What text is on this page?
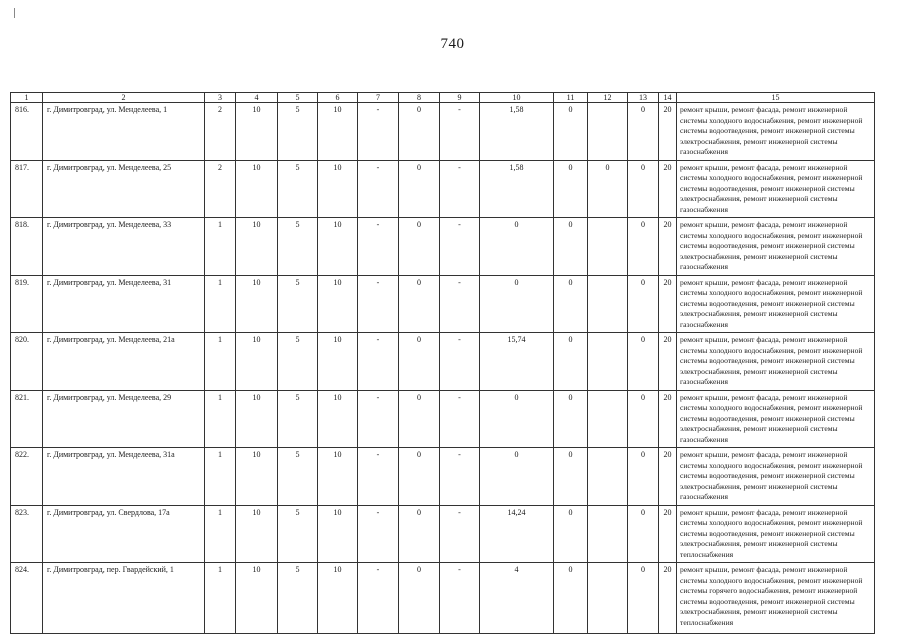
740
1	2	3	4	5	6	7	8	9	10	11	12	13	14	15
816.	г. Димитровград, ул. Менделеева, 1	2	10	5	10	-	0	-	1,58	0		0	20	ремонт крыши, ремонт фасада, ремонт инженерной системы холодного водоснабжения, ремонт инженерной системы водоотведения, ремонт инженерной системы электроснабжения, ремонт инженерной системы газоснабжения
817.	г. Димитровград, ул. Менделеева, 25	2	10	5	10	-	0	-	1,58	0	0	0	20	ремонт крыши, ремонт фасада, ремонт инженерной системы холодного водоснабжения, ремонт инженерной системы водоотведения, ремонт инженерной системы электроснабжения, ремонт инженерной системы газоснабжения
818.	г. Димитровград, ул. Менделеева, 33	1	10	5	10	-	0	-	0	0		0	20	ремонт крыши, ремонт фасада, ремонт инженерной системы холодного водоснабжения, ремонт инженерной системы водоотведения, ремонт инженерной системы электроснабжения, ремонт инженерной системы газоснабжения
819.	г. Димитровград, ул. Менделеева, 31	1	10	5	10	-	0	-	0	0		0	20	ремонт крыши, ремонт фасада, ремонт инженерной системы холодного водоснабжения, ремонт инженерной системы водоотведения, ремонт инженерной системы электроснабжения, ремонт инженерной системы газоснабжения
820.	г. Димитровград, ул. Менделеева, 21а	1	10	5	10	-	0	-	15,74	0		0	20	ремонт крыши, ремонт фасада, ремонт инженерной системы холодного водоснабжения, ремонт инженерной системы водоотведения, ремонт инженерной системы электроснабжения, ремонт инженерной системы газоснабжения
821.	г. Димитровград, ул. Менделеева, 29	1	10	5	10	-	0	-	0	0		0	20	ремонт крыши, ремонт фасада, ремонт инженерной системы холодного водоснабжения, ремонт инженерной системы водоотведения, ремонт инженерной системы электроснабжения, ремонт инженерной системы газоснабжения
822.	г. Димитровград, ул. Менделеева, 31а	1	10	5	10	-	0	-	0	0		0	20	ремонт крыши, ремонт фасада, ремонт инженерной системы холодного водоснабжения, ремонт инженерной системы водоотведения, ремонт инженерной системы электроснабжения, ремонт инженерной системы газоснабжения
823.	г. Димитровград, ул. Свердлова, 17а	1	10	5	10	-	0	-	14,24	0		0	20	ремонт крыши, ремонт фасада, ремонт инженерной системы холодного водоснабжения, ремонт инженерной системы водоотведения, ремонт инженерной системы электроснабжения, ремонт инженерной системы теплоснабжения
824.	г. Димитровград, пер. Гвардейский, 1	1	10	5	10	-	0	-	4	0		0	20	ремонт крыши, ремонт фасада, ремонт инженерной системы холодного водоснабжения, ремонт инженерной системы горячего водоснабжения, ремонт инженерной системы водоотведения, ремонт инженерной системы электроснабжения, ремонт инженерной системы теплоснабжения
